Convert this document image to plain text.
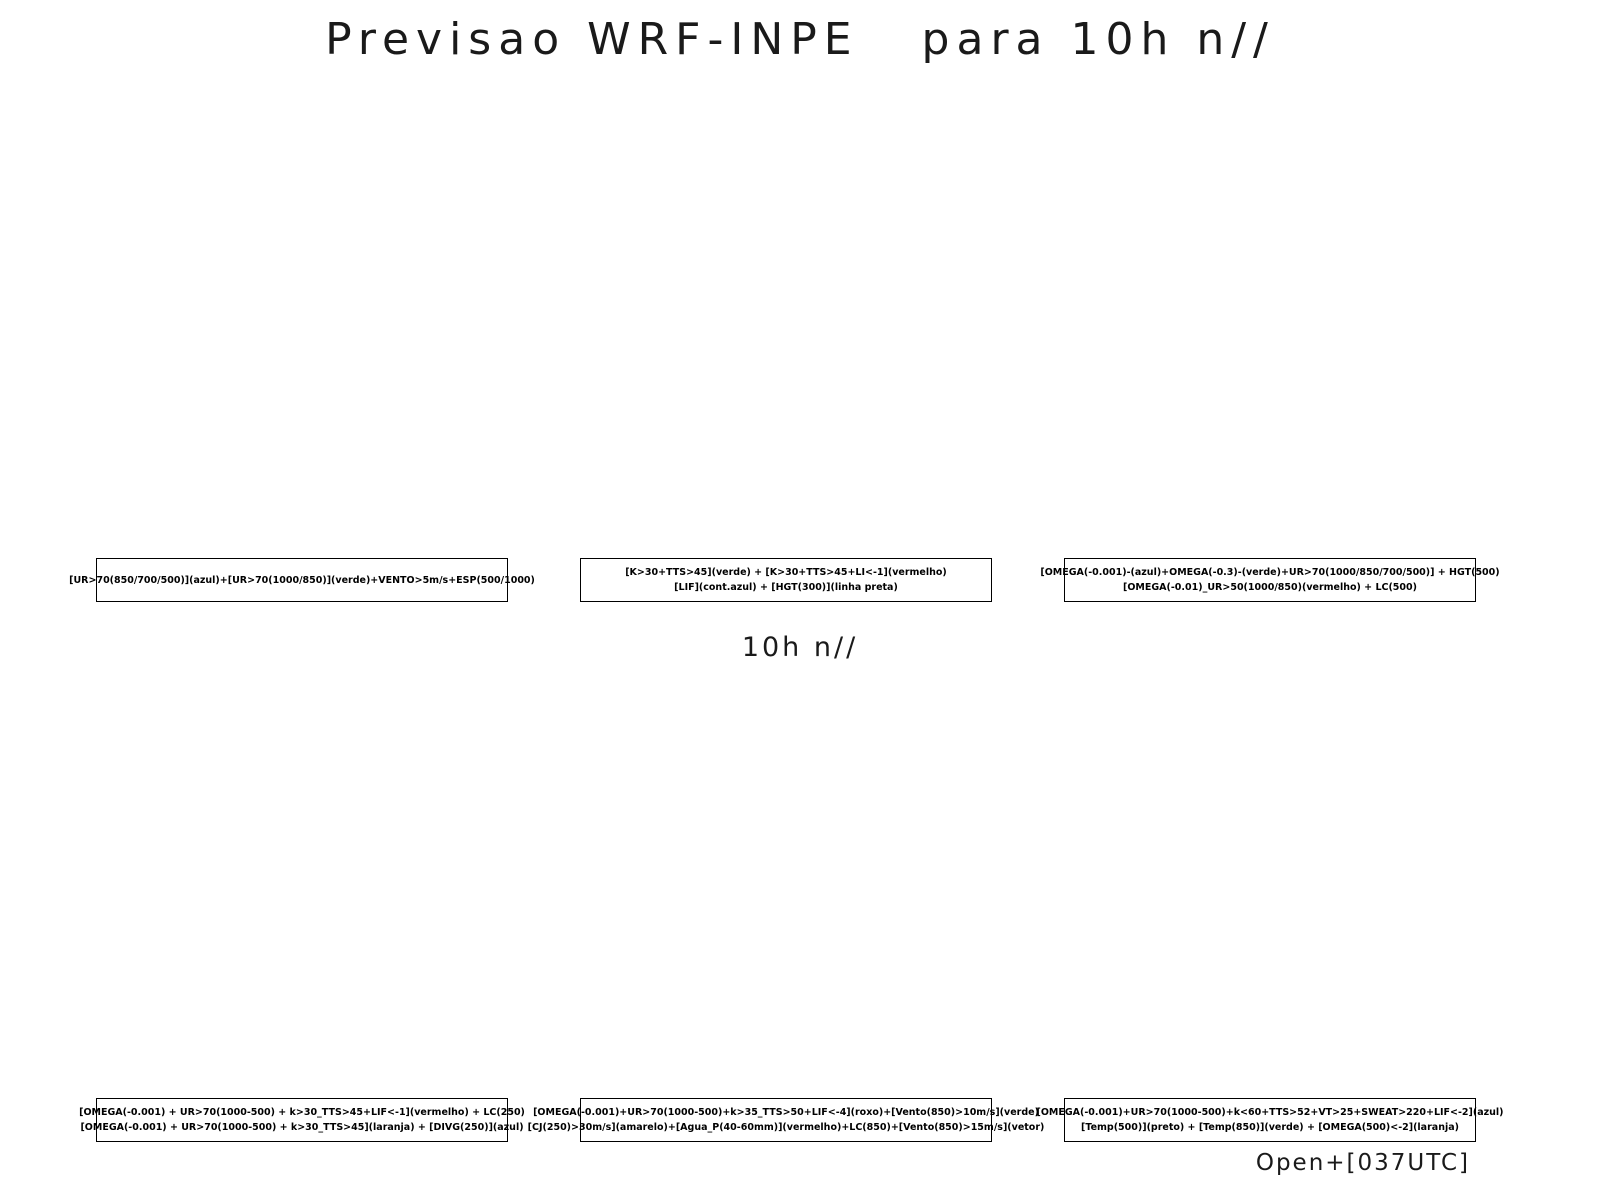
Previsao WRF-INPE   para 10h n//
[UR>70(850/700/500)](azul)+[UR>70(1000/850)](verde)+VENTO>5m/s+ESP(500/1000)
[K>30+TTS>45](verde) + [K>30+TTS>45+LI<-1](vermelho)
[LIF](cont.azul) + [HGT(300)](linha preta)
[OMEGA(-0.001)-(azul)+OMEGA(-0.3)-(verde)+UR>70(1000/850/700/500)] + HGT(500)
[OMEGA(-0.01)_UR>50(1000/850)(vermelho) + LC(500)
10h n//
[OMEGA(-0.001) + UR>70(1000-500) + k>30_TTS>45+LIF<-1](vermelho) + LC(250)
[OMEGA(-0.001) + UR>70(1000-500) + k>30_TTS>45](laranja) + [DIVG(250)](azul)
[OMEGA(-0.001)+UR>70(1000-500)+k>35_TTS>50+LIF<-4](roxo)+[Vento(850)>10m/s](verde)
[CJ(250)>30m/s](amarelo)+[Agua_P(40-60mm)](vermelho)+LC(850)+[Vento(850)>15m/s](vetor)
[OMEGA(-0.001)+UR>70(1000-500)+k<60+TTS>52+VT>25+SWEAT>220+LIF<-2](azul)
[Temp(500)](preto) + [Temp(850)](verde) + [OMEGA(500)<-2](laranja)
Open+[037UTC]
